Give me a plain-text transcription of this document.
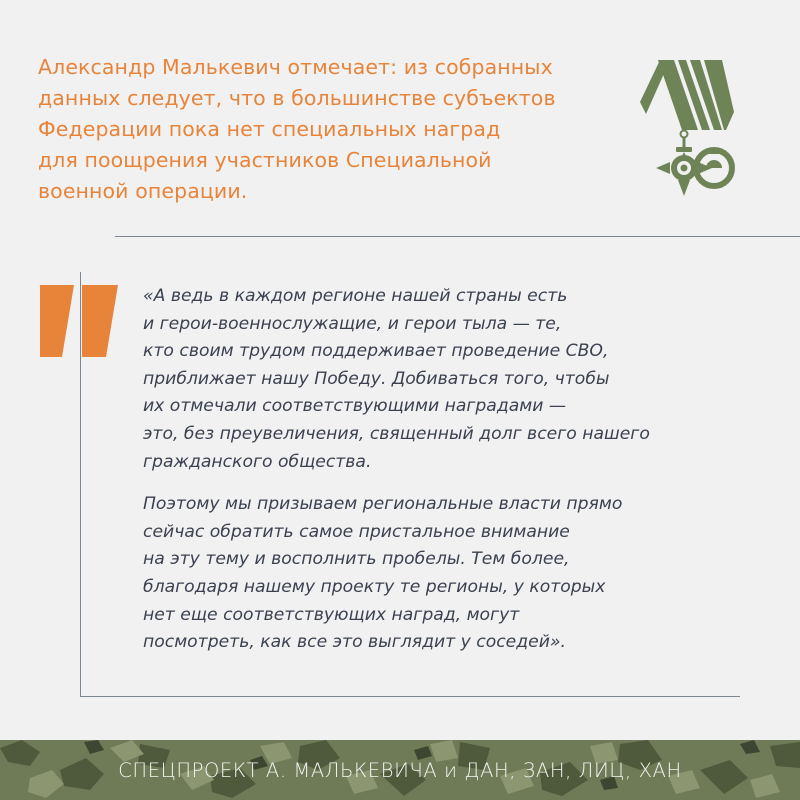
Александр Малькевич отмечает: из собранных
данных следует, что в большинстве субъектов
Федерации пока нет специальных наград
для поощрения участников Специальной
военной операции.

«А ведь в каждом регионе нашей страны есть
и герои-военнослужащие, и герои тыла — те,
кто своим трудом поддерживает проведение СВО,
приближает нашу Победу. Добиваться того, чтобы
их отмечали соответствующими наградами —
это, без преувеличения, священный долг всего нашего
гражданского общества.

Поэтому мы призываем региональные власти прямо
сейчас обратить самое пристальное внимание
на эту тему и восполнить пробелы. Тем более,
благодаря нашему проекту те регионы, у которых
нет еще соответствующих наград, могут
посмотреть, как все это выглядит у соседей».

СПЕЦПРОЕКТ А. МАЛЬКЕВИЧА и ДАН, ЗАН, ЛИЦ, ХАН
